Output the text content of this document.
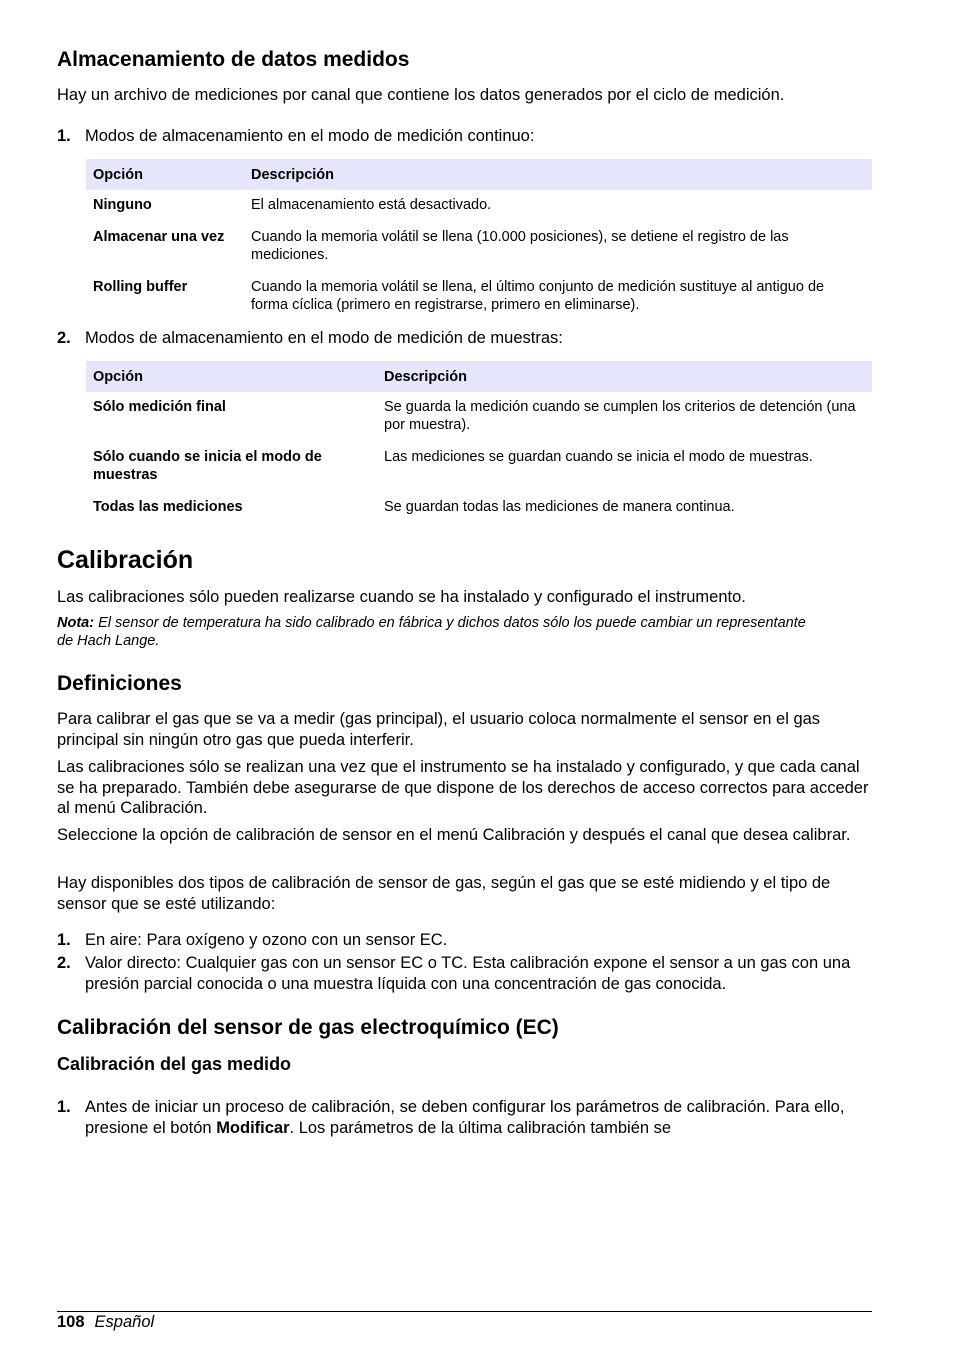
Almacenamiento de datos medidos

Hay un archivo de mediciones por canal que contiene los datos generados por el ciclo de medición.

1. Modos de almacenamiento en el modo de medición continuo:
Opción	Descripción
Ninguno	El almacenamiento está desactivado.
Almacenar una vez	Cuando la memoria volátil se llena (10.000 posiciones), se detiene el registro de las mediciones.
Rolling buffer	Cuando la memoria volátil se llena, el último conjunto de medición sustituye al antiguo de forma cíclica (primero en registrarse, primero en eliminarse).
2. Modos de almacenamiento en el modo de medición de muestras:
Opción	Descripción
Sólo medición final	Se guarda la medición cuando se cumplen los criterios de detención (una por muestra).
Sólo cuando se inicia el modo de muestras	Las mediciones se guardan cuando se inicia el modo de muestras.
Todas las mediciones	Se guardan todas las mediciones de manera continua.
Calibración

Las calibraciones sólo pueden realizarse cuando se ha instalado y configurado el instrumento.

Nota: El sensor de temperatura ha sido calibrado en fábrica y dichos datos sólo los puede cambiar un representante de Hach Lange.

Definiciones

Para calibrar el gas que se va a medir (gas principal), el usuario coloca normalmente el sensor en el gas principal sin ningún otro gas que pueda interferir.

Las calibraciones sólo se realizan una vez que el instrumento se ha instalado y configurado, y que cada canal se ha preparado. También debe asegurarse de que dispone de los derechos de acceso correctos para acceder al menú Calibración.

Seleccione la opción de calibración de sensor en el menú Calibración y después el canal que desea calibrar.

Hay disponibles dos tipos de calibración de sensor de gas, según el gas que se esté midiendo y el tipo de sensor que se esté utilizando:

1. En aire: Para oxígeno y ozono con un sensor EC.
2. Valor directo: Cualquier gas con un sensor EC o TC. Esta calibración expone el sensor a un gas con una presión parcial conocida o una muestra líquida con una concentración de gas conocida.
Calibración del sensor de gas electroquímico (EC)
Calibración del gas medido
1. Antes de iniciar un proceso de calibración, se deben configurar los parámetros de calibración. Para ello, presione el botón Modificar. Los parámetros de la última calibración también se
108 Español
